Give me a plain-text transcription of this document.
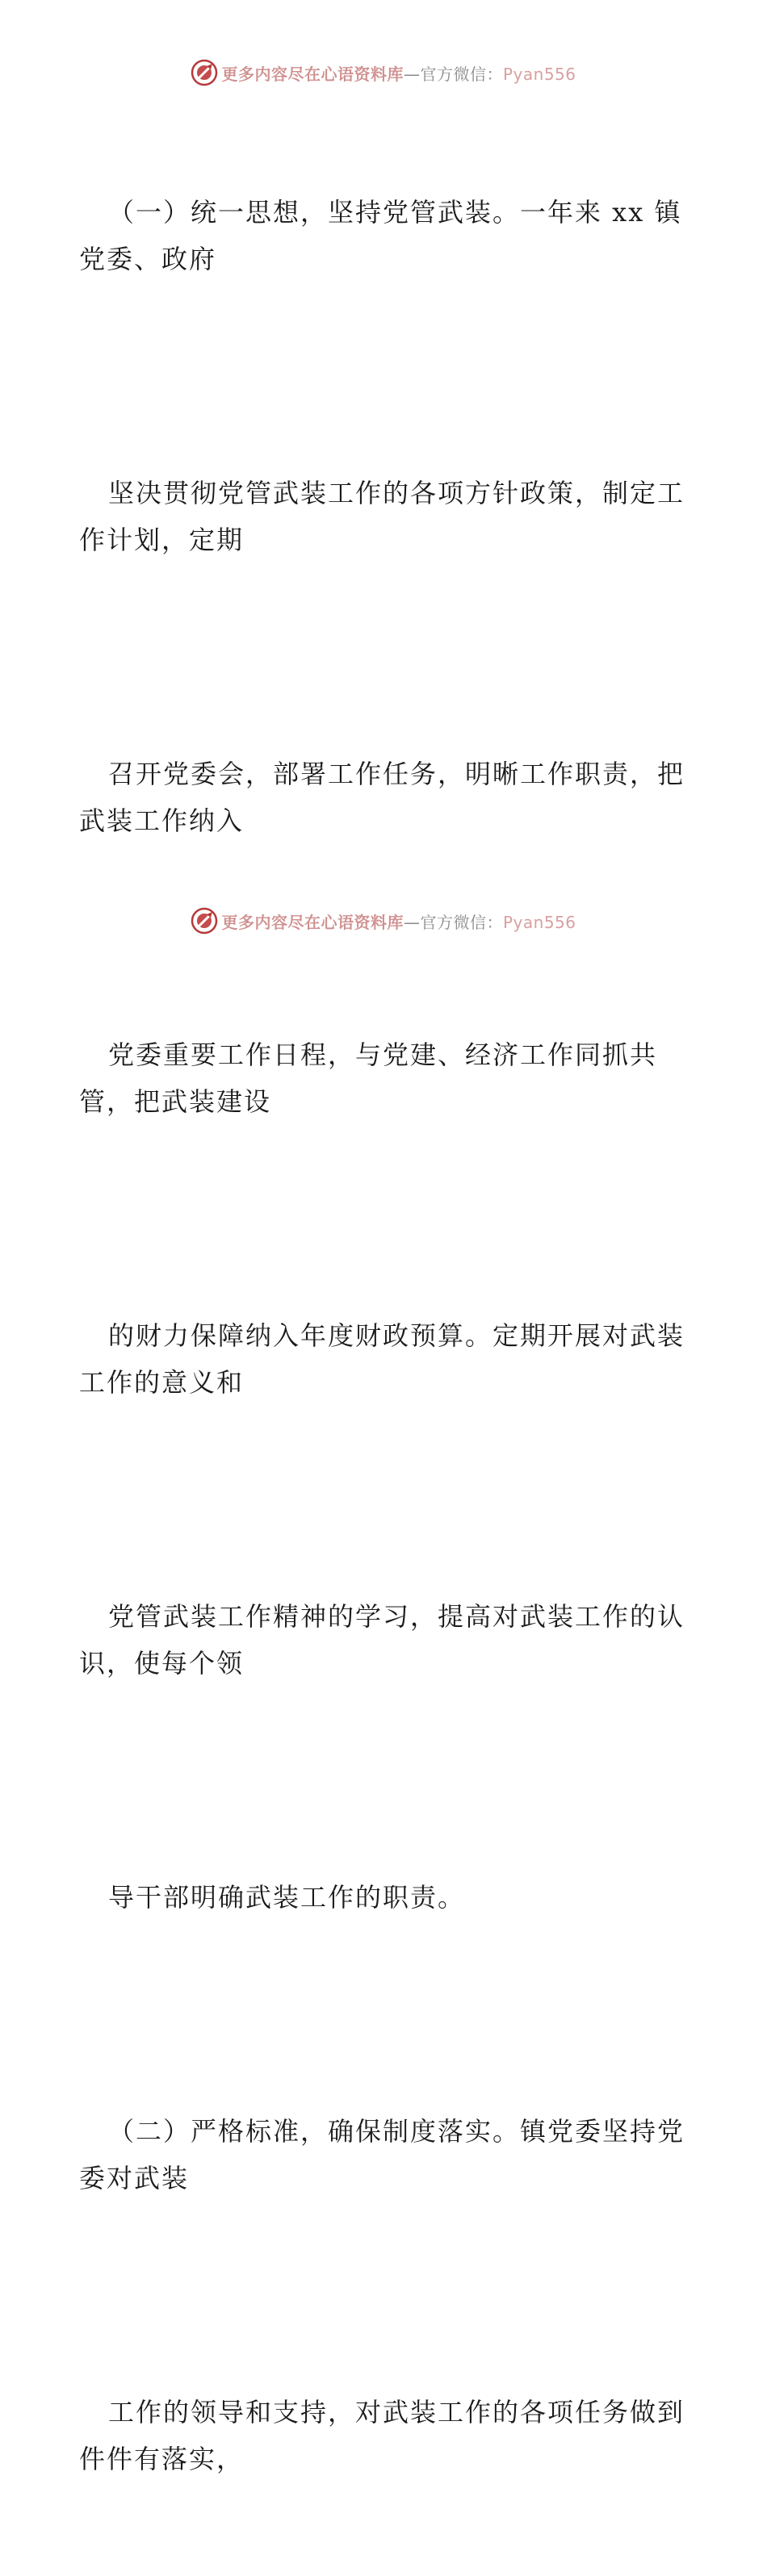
更多内容尽在心语资料库—官方微信：Pyan556

（一）统一思想，坚持党管武装。一年来 xx 镇
党委、政府

坚决贯彻党管武装工作的各项方针政策，制定工
作计划，定期

召开党委会，部署工作任务，明晰工作职责，把
武装工作纳入

党委重要工作日程，与党建、经济工作同抓共
管，把武装建设

的财力保障纳入年度财政预算。定期开展对武装
工作的意义和

党管武装工作精神的学习，提高对武装工作的认
识，使每个领

导干部明确武装工作的职责。

（二）严格标准，确保制度落实。镇党委坚持党
委对武装

工作的领导和支持，对武装工作的各项任务做到
件件有落实，

更多内容尽在心语资料库—官方微信：Pyan556
